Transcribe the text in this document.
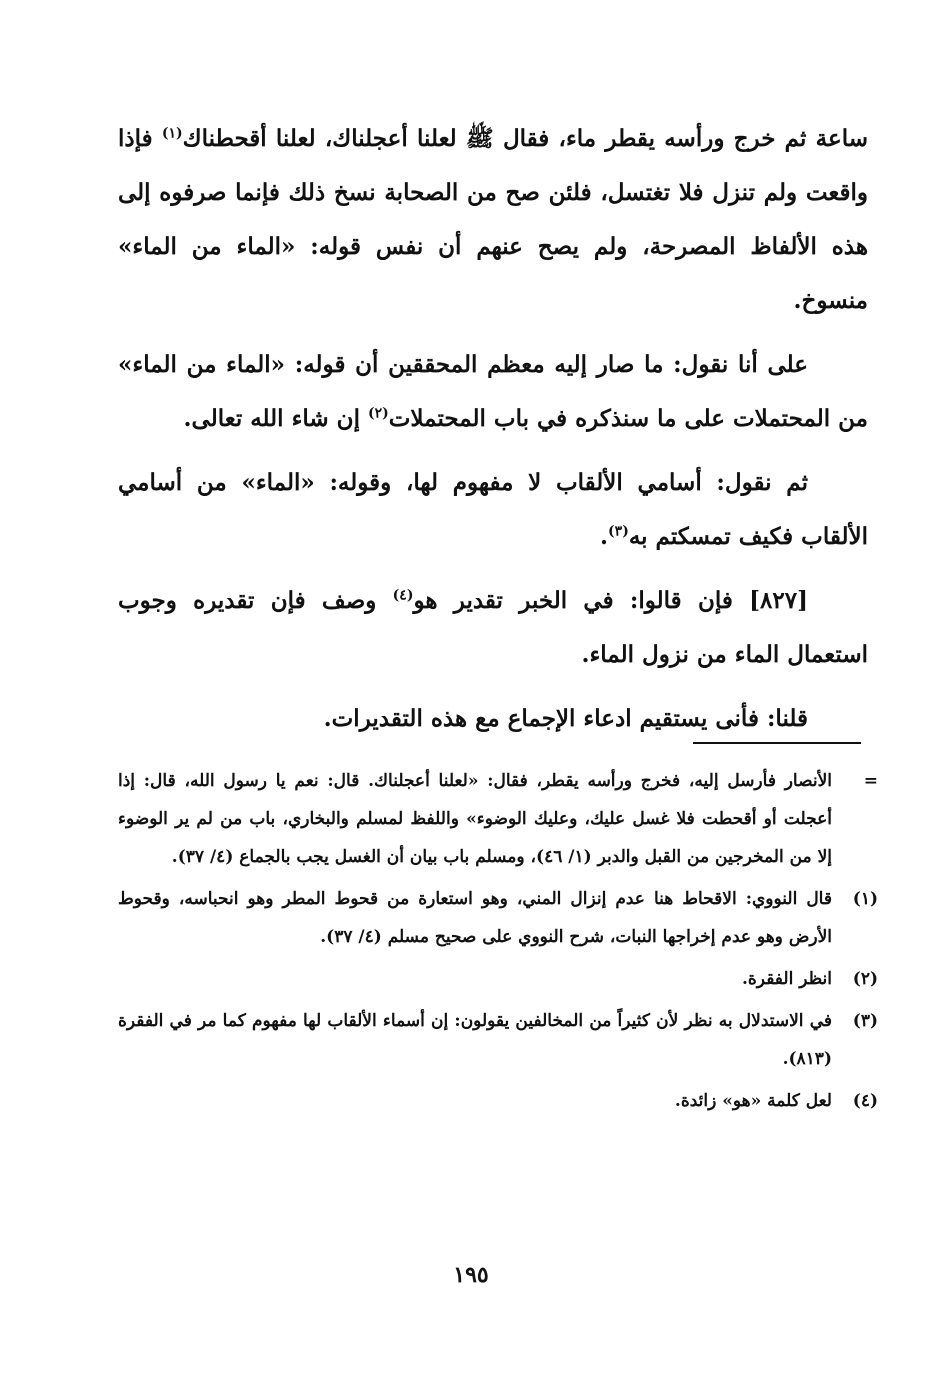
ساعة ثم خرج ورأسه يقطر ماء، فقال ﷺ لعلنا أعجلناك، لعلنا أقحطناك$^{(١)}$ فإذا واقعت ولم تنزل فلا تغتسل، فلئن صح من الصحابة نسخ ذلك فإنما صرفوه إلى هذه الألفاظ المصرحة، ولم يصح عنهم أن نفس قوله: «الماء من الماء» منسوخ.

على أنا نقول: ما صار إليه معظم المحققين أن قوله: «الماء من الماء» من المحتملات على ما سنذكره في باب المحتملات$^{(٢)}$ إن شاء الله تعالى.

ثم نقول: أسامي الألقاب لا مفهوم لها، وقوله: «الماء» من أسامي الألقاب فكيف تمسكتم به$^{(٣)}$.

[٨٢٧] فإن قالوا: في الخبر تقدير هو$^{(٤)}$ وصف فإن تقديره وجوب استعمال الماء من نزول الماء.

قلنا: فأنى يستقيم ادعاء الإجماع مع هذه التقديرات.

=
الأنصار فأرسل إليه، فخرج ورأسه يقطر، فقال: «لعلنا أعجلناك. قال: نعم يا رسول الله، قال: إذا أعجلت أو أقحطت فلا غسل عليك، وعليك الوضوء» واللفظ لمسلم والبخاري، باب من لم ير الوضوء إلا من المخرجين من القبل والدبر (١/ ٤٦)، ومسلم باب بيان أن الغسل يجب بالجماع (٤/ ٣٧).
(١)
قال النووي: الاقحاط هنا عدم إنزال المني، وهو استعارة من قحوط المطر وهو انحباسه، وقحوط الأرض وهو عدم إخراجها النبات، شرح النووي على صحيح مسلم (٤/ ٣٧).
(٢)
انظر الفقرة.
(٣)
في الاستدلال به نظر لأن كثيراً من المخالفين يقولون: إن أسماء الألقاب لها مفهوم كما مر في الفقرة (٨١٣).
(٤)
لعل كلمة «هو» زائدة.
١٩٥
